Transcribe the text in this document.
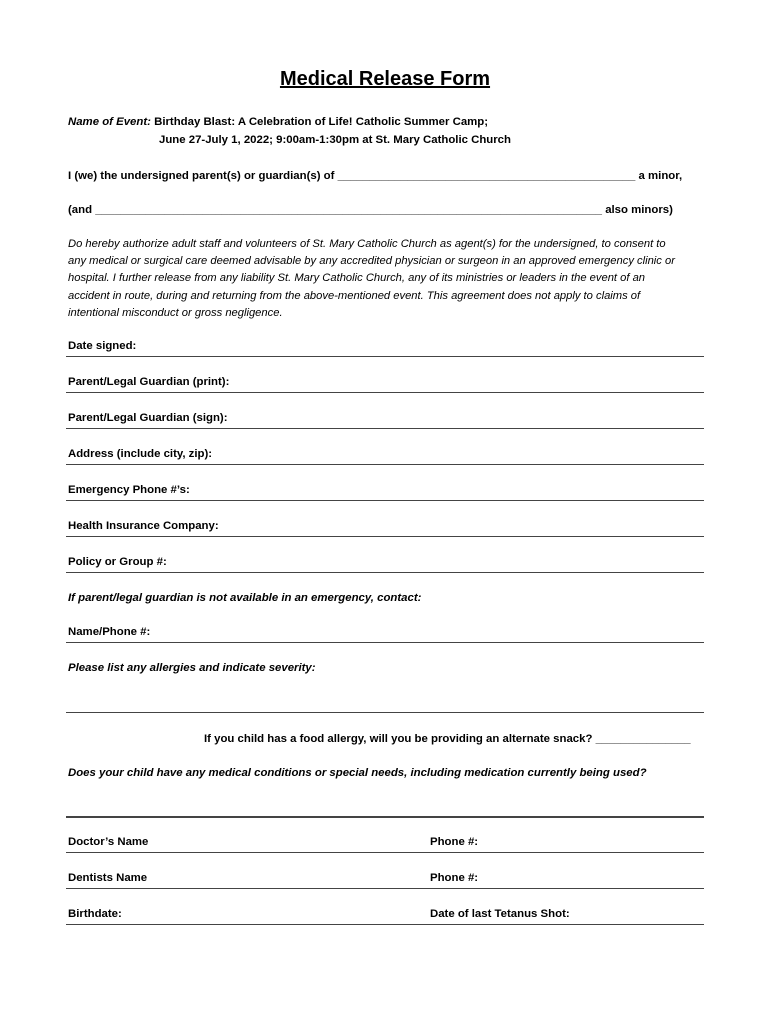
Medical Release Form
Name of Event: Birthday Blast: A Celebration of Life! Catholic Summer Camp;
June 27-July 1, 2022; 9:00am-1:30pm at St. Mary Catholic Church
I (we) the undersigned parent(s) or guardian(s) of _______________________________________________ a minor,
(and ________________________________________________________________________________ also minors)
Do hereby authorize adult staff and volunteers of St. Mary Catholic Church as agent(s) for the undersigned, to consent to
any medical or surgical care deemed advisable by any accredited physician or surgeon in an approved emergency clinic or
hospital. I further release from any liability St. Mary Catholic Church, any of its ministries or leaders in the event of an
accident in route, during and returning from the above-mentioned event. This agreement does not apply to claims of
intentional misconduct or gross negligence.
Date signed:
Parent/Legal Guardian (print):
Parent/Legal Guardian (sign):
Address (include city, zip):
Emergency Phone #’s:
Health Insurance Company:
Policy or Group #:
If parent/legal guardian is not available in an emergency, contact:
Name/Phone #:
Please list any allergies and indicate severity:
If you child has a food allergy, will you be providing an alternate snack? _______________
Does your child have any medical conditions or special needs, including medication currently being used?
Doctor’s Name	Phone #:
Dentists Name	Phone #:
Birthdate:	Date of last Tetanus Shot:
